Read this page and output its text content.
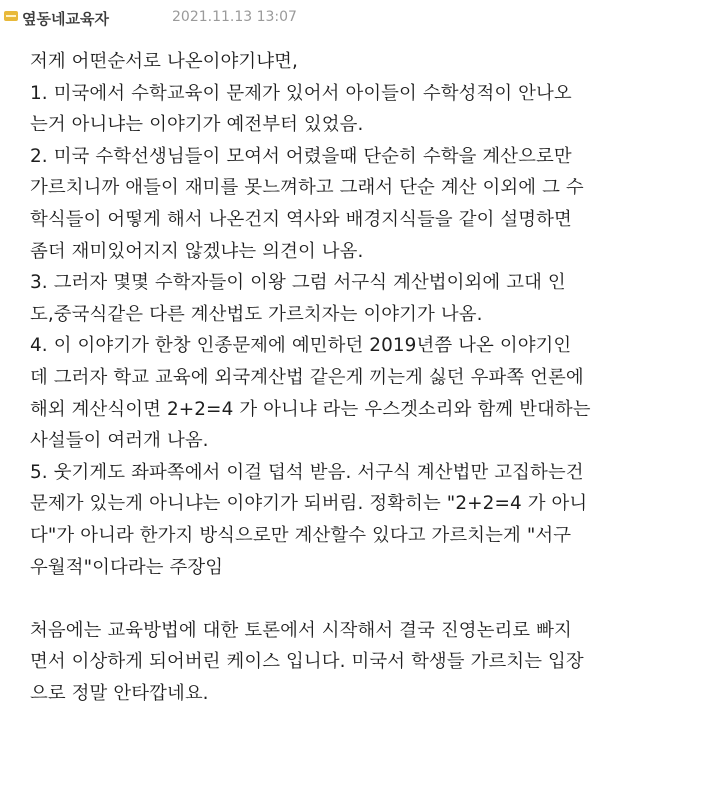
옆동네교육자	2021.11.13 13:07
저게 어떤순서로 나온이야기냐면,
1. 미국에서 수학교육이 문제가 있어서 아이들이 수학성적이 안나오
는거 아니냐는 이야기가 예전부터 있었음.
2. 미국 수학선생님들이 모여서 어렸을때 단순히 수학을 계산으로만
가르치니까 애들이 재미를 못느껴하고 그래서 단순 계산 이외에 그 수
학식들이 어떻게 해서 나온건지 역사와 배경지식들을 같이 설명하면
좀더 재미있어지지 않겠냐는 의견이 나옴.
3. 그러자 몇몇 수학자들이 이왕 그럼 서구식 계산법이외에 고대 인
도,중국식같은 다른 계산법도 가르치자는 이야기가 나옴.
4. 이 이야기가 한창 인종문제에 예민하던 2019년쯤 나온 이야기인
데 그러자 학교 교육에 외국계산법 같은게 끼는게 싫던 우파쪽 언론에
해외 계산식이면 2+2=4 가 아니냐 라는 우스겟소리와 함께 반대하는
사설들이 여러개 나옴.
5. 웃기게도 좌파쪽에서 이걸 덥석 받음. 서구식 계산법만 고집하는건
문제가 있는게 아니냐는 이야기가 되버림. 정확히는 "2+2=4 가 아니
다"가 아니라 한가지 방식으로만 계산할수 있다고 가르치는게 "서구
우월적"이다라는 주장임
처음에는 교육방법에 대한 토론에서 시작해서 결국 진영논리로 빠지
면서 이상하게 되어버린 케이스 입니다. 미국서 학생들 가르치는 입장
으로 정말 안타깝네요.
